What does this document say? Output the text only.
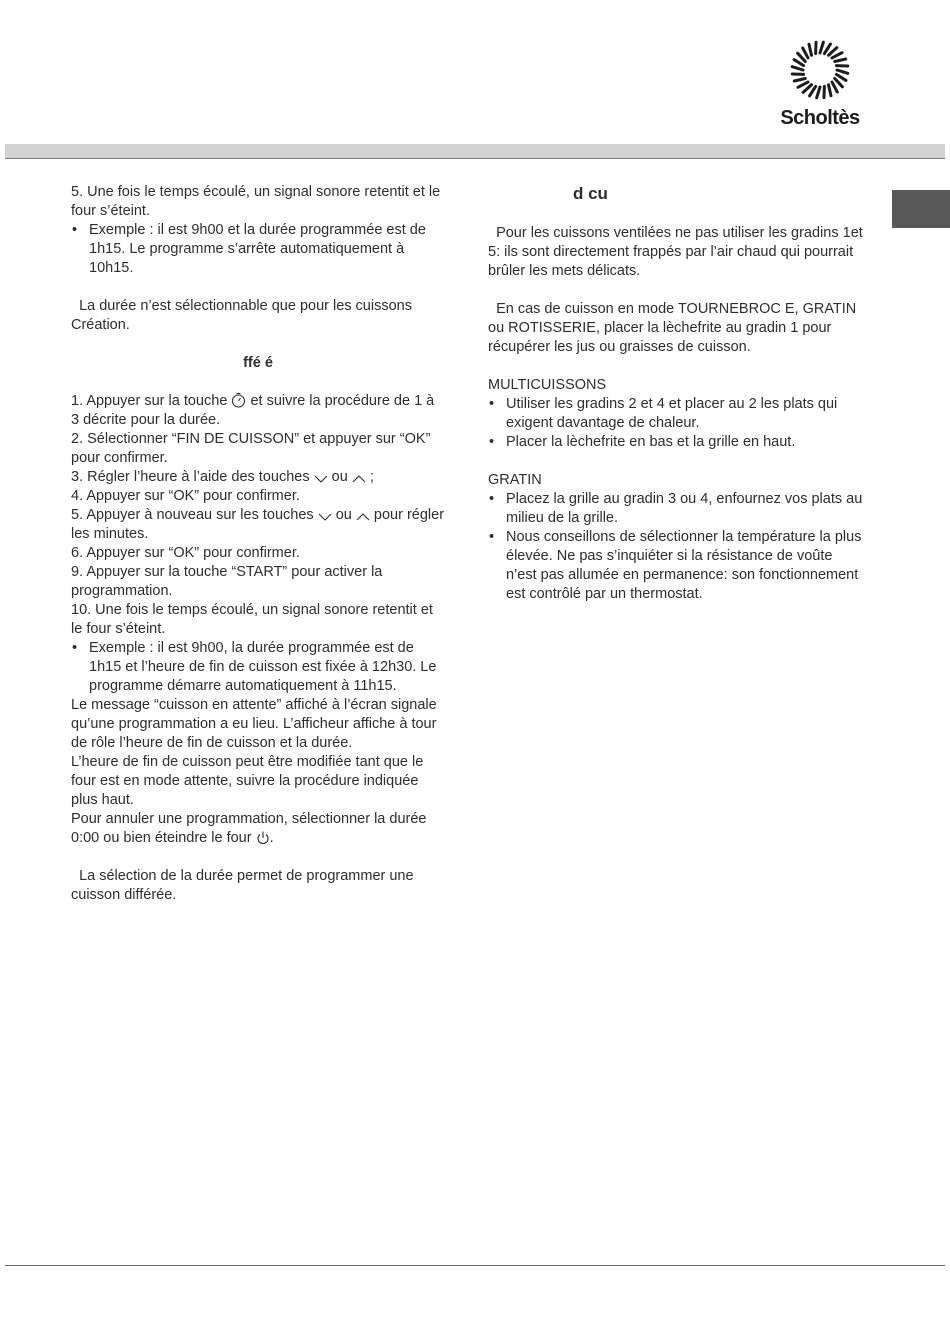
Scholtès

5. Une fois le temps écoulé, un signal sonore retentit et le four s’éteint.

• Exemple : il est 9h00 et la durée programmée est de 1h15. Le programme s’arrête automatiquement à 10h15.

La durée n’est sélectionnable que pour les cuissons Création.

ffé é

1. Appuyer sur la touche et suivre la procédure de 1 à 3 décrite pour la durée.

2. Sélectionner “FIN DE CUISSON” et appuyer sur “OK” pour confirmer.

3. Régler l’heure à l’aide des touches ou ;

4. Appuyer sur “OK” pour confirmer.

5. Appuyer à nouveau sur les touches ou pour régler les minutes.

6. Appuyer sur “OK” pour confirmer.

9. Appuyer sur la touche “START” pour activer la programmation.

10. Une fois le temps écoulé, un signal sonore retentit et le four s’éteint.

• Exemple : il est 9h00, la durée programmée est de 1h15 et l’heure de fin de cuisson est fixée à 12h30. Le programme démarre automatiquement à 11h15.

Le message “cuisson en attente” affiché à l’écran signale qu’une programmation a eu lieu. L’afficheur affiche à tour de rôle l’heure de fin de cuisson et la durée.

L’heure de fin de cuisson peut être modifiée tant que le four est en mode attente, suivre la procédure indiquée plus haut.

Pour annuler une programmation, sélectionner la durée 0:00 ou bien éteindre le four .

La sélection de la durée permet de programmer une cuisson différée.

d cu

Pour les cuissons ventilées ne pas utiliser les gradins 1et 5: ils sont directement frappés par l’air chaud qui pourrait brûler les mets délicats.

En cas de cuisson en mode TOURNEBROC E, GRATIN ou ROTISSERIE, placer la lèchefrite au gradin 1 pour récupérer les jus ou graisses de cuisson.

MULTICUISSONS

• Utiliser les gradins 2 et 4 et placer au 2 les plats qui exigent davantage de chaleur.

• Placer la lèchefrite en bas et la grille en haut.

GRATIN

• Placez la grille au gradin 3 ou 4, enfournez vos plats au milieu de la grille.

• Nous conseillons de sélectionner la température la plus élevée. Ne pas s’inquiéter si la résistance de voûte n’est pas allumée en permanence: son fonctionnement est contrôlé par un thermostat.
